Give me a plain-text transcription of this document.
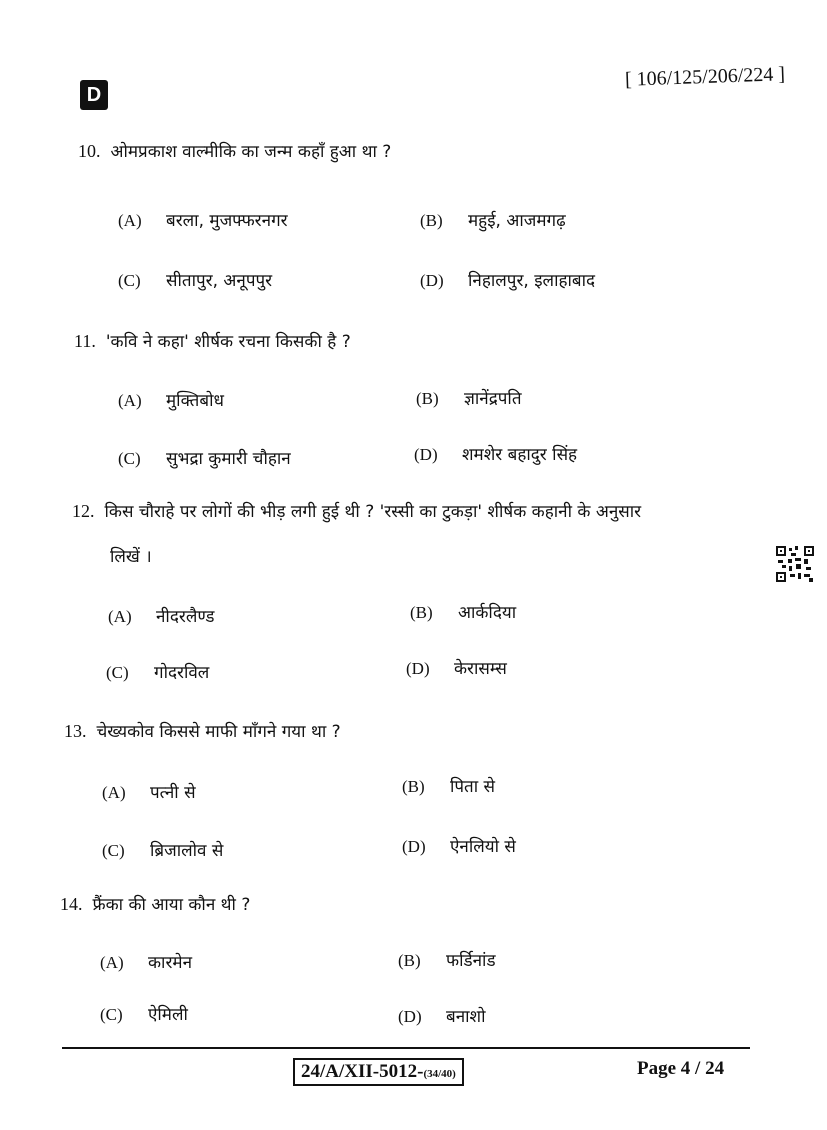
D
[ 106/125/206/224 ]
10. ओमप्रकाश वाल्मीकि का जन्म कहाँ हुआ था ?
(A) बरला, मुजफ्फरनगर	(B) महुई, आजमगढ़
(C) सीतापुर, अनूपपुर	(D) निहालपुर, इलाहाबाद
11. 'कवि ने कहा' शीर्षक रचना किसकी है ?
(A) मुक्तिबोध	(B) ज्ञानेंद्रपति
(C) सुभद्रा कुमारी चौहान	(D) शमशेर बहादुर सिंह
12. किस चौराहे पर लोगों की भीड़ लगी हुई थी ? 'रस्सी का टुकड़ा' शीर्षक कहानी के अनुसार
लिखें ।
(A) नीदरलैण्ड	(B) आर्कदिया
(C) गोदरविल	(D) केरासम्स
13. चेख्यकोव किससे माफी माँगने गया था ?
(A) पत्नी से	(B) पिता से
(C) ब्रिजालोव से	(D) ऐनलियो से
14. फ्रैंका की आया कौन थी ?
(A) कारमेन	(B) फर्डिनांड
(C) ऐमिली	(D) बनाशो
24/A/XII-5012-(34/40)	Page 4 / 24
